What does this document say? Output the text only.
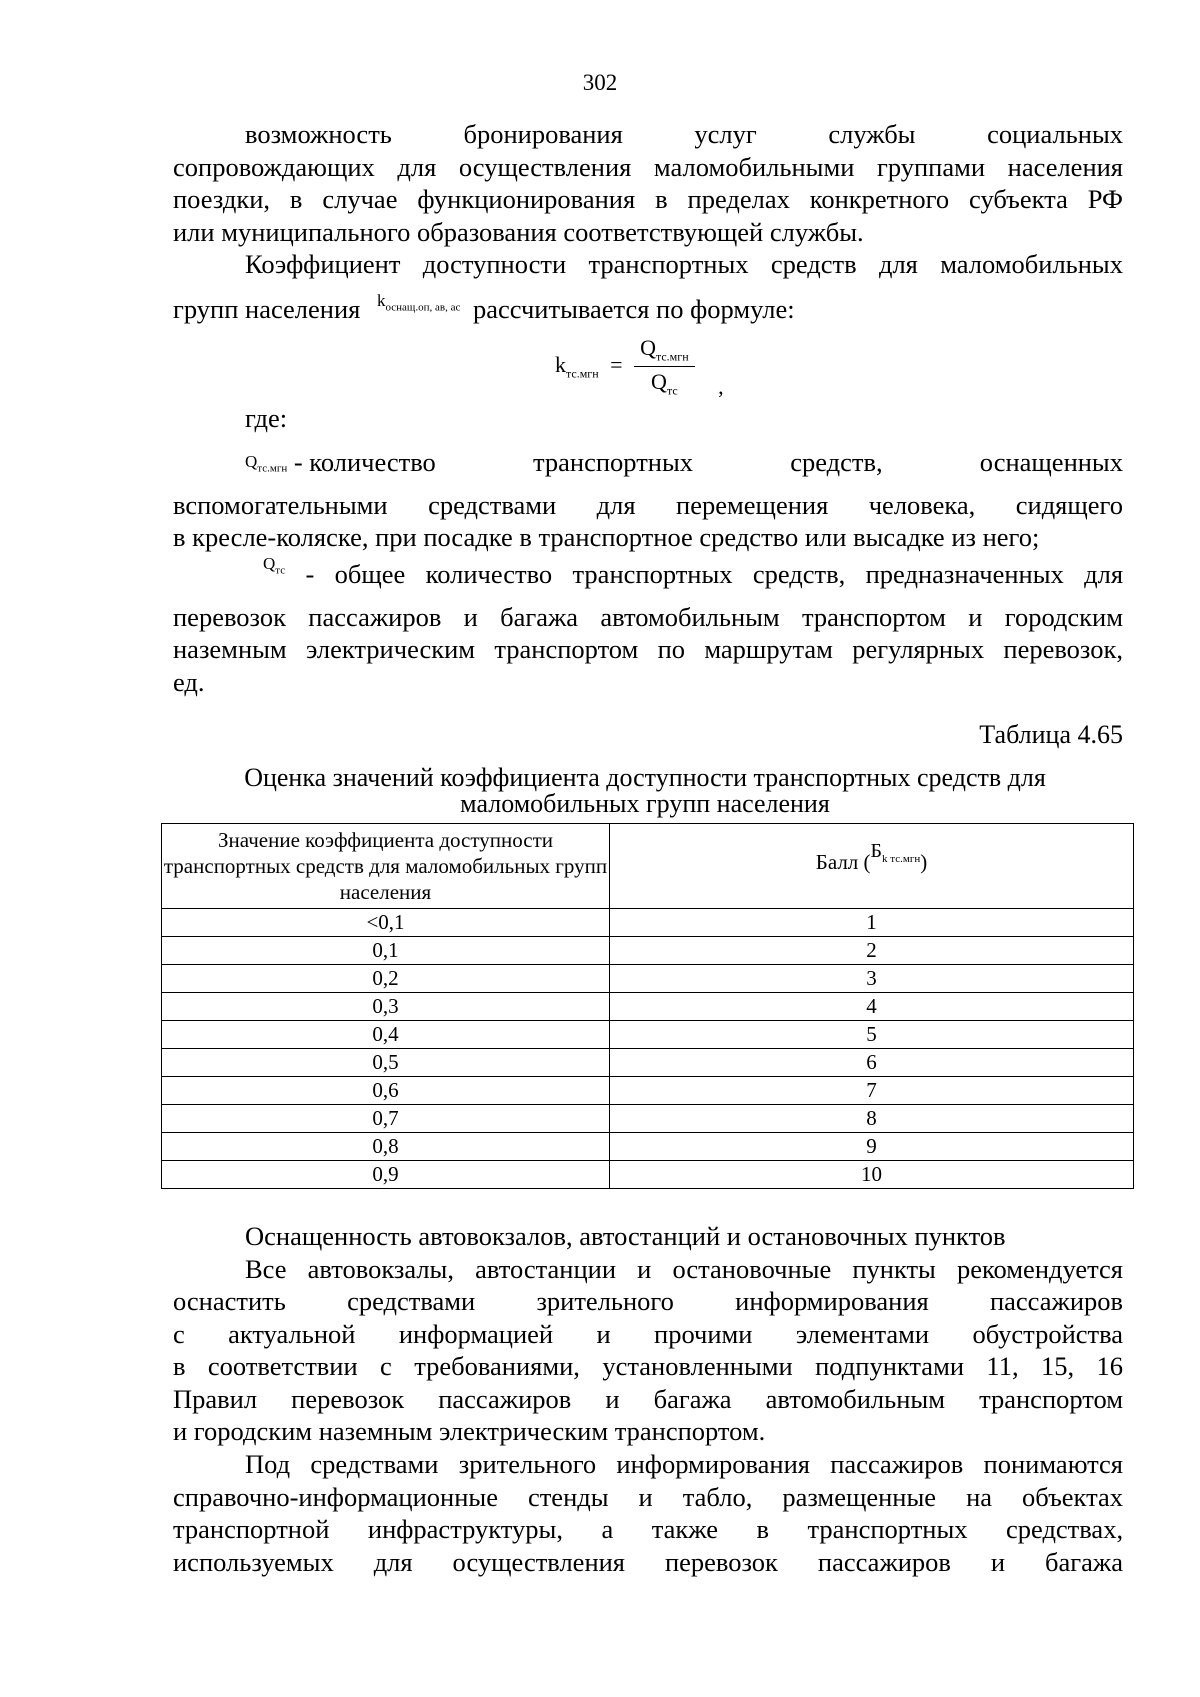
302
возможность	бронирования	услуг	службы	социальных
сопровождающих для осуществления маломобильными группами населения
поездки, в случае функционирования в пределах конкретного субъекта РФ
или муниципального образования соответствующей службы.
Коэффициент доступности транспортных средств для маломобильных
групп населения $^{k_{оснащ.оп, ав, ас}}$ рассчитывается по формуле:
$k_{тс.мгн} = \frac{Q_{тс.мгн}}{Q_{тс}}$ ,
где:
$Q_{тс.мгн}$ - количество	транспортных	средств,	оснащенных
вспомогательными средствами для перемещения человека, сидящего
в кресле-коляске, при посадке в транспортное средство или высадке из него;
$^{Q_{тс}}$ - общее количество транспортных средств, предназначенных для
перевозок пассажиров и багажа автомобильным транспортом и городским
наземным электрическим транспортом по маршрутам регулярных перевозок,
ед.
Таблица 4.65
Оценка значений коэффициента доступности транспортных средств для маломобильных групп населения
Значение коэффициента доступности транспортных средств для маломобильных групп населения	Балл $(Б_{k тс.мгн})$
<0,1	1
0,1	2
0,2	3
0,3	4
0,4	5
0,5	6
0,6	7
0,7	8
0,8	9
0,9	10
Оснащенность автовокзалов, автостанций и остановочных пунктов
Все автовокзалы, автостанции и остановочные пункты рекомендуется
оснастить средствами зрительного информирования пассажиров
с актуальной информацией и прочими элементами обустройства
в соответствии с требованиями, установленными подпунктами 11, 15, 16
Правил перевозок пассажиров и багажа автомобильным транспортом
и городским наземным электрическим транспортом.
Под средствами зрительного информирования пассажиров понимаются
справочно-информационные стенды и табло, размещенные на объектах
транспортной инфраструктуры, а также в транспортных средствах,
используемых для осуществления перевозок пассажиров и багажа
